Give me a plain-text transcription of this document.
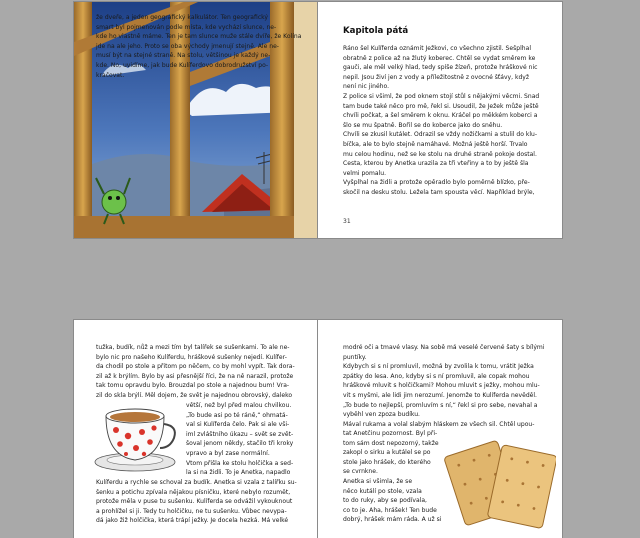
že dveře, a jeden geografický kalkulátor. Ten geografický

smart byl pojmenován podle místa, kde vychází slunce, ne-

kde ho vlastně máme. Ten je tam slunce muže stále dvíře, že Kolína

jde na ale jeho. Proto se oba východy jmenují stejně. Ale ne-

musí být na stejné straně. Na stolu, většinou je každý ne-

kde. No, uvidíme, jak bude Kulíferdovo dobrodružství po-

kračovat.

Kapitola pátá

Ráno šel Kulíferda oznámit Ježkovi, co všechno zjistil. Sešplhal

obratně z police až na žlutý koberec. Chtěl se vydat směrem ke

gauči, ale měl velký hlad, tedy spíše žízeň, protože hráškové nic

nepil. Jsou živí jen z vody a příležitostně z ovocné šťávy, když

není nic jiného.

Z police si všiml, že pod oknem stojí stůl s nějakými věcmi. Snad

tam bude také něco pro mě, řekl si. Usoudil, že Ježek může ještě

chvíli počkat, a šel směrem k oknu. Kráčel po měkkém koberci a

šlo se mu špatně. Bořil se do koberce jako do sněhu.

Chvíli se zkusil kutálet. Odrazil se vždy nožičkami a stulil do klu-

bíčka, ale to bylo stejně namáhavé. Možná ještě horší. Trvalo

mu celou hodinu, než se ke stolu na druhé straně pokoje dostal.

Cesta, kterou by Anetka urazila za tři vteřiny a to by ještě šla

velmi pomalu.

Vyšplhal na židli a protože opěradlo bylo poměrně blízko, pře-

skočil na desku stolu. Ležela tam spousta věcí. Například brýle,

31

tužka, budík, nůž a mezi tím byl talířek se sušenkami. To ale ne-

bylo nic pro našeho Kulíferdu, hráškové sušenky nejedí. Kulífer-

da chodil po stole a přitom po něčem, co by mohl vypít. Tak dora-

zil až k brýlím. Bylo by asi přesnější říci, že na ně narazil, protože

tak tomu opravdu bylo. Brouzdal po stole a najednou bum! Vra-

zil do skla brýlí. Měl dojem, že svět je najednou obrovský, daleko

větší, než byl před malou chvilkou.

„To bude asi po té ráně,“ ohmatá-

val si Kulíferda čelo. Pak si ale vši-

iml zvláštního úkazu – svět se zvět-

šoval jenom někdy, stačilo tři kroky

vpravo a byl zase normální.

Vtom přišla ke stolu holčička a sed-

la si na židli. To je Anetka, napadlo

Kulíferdu a rychle se schoval za budík. Anetka si vzala z talířku su-

šenku a potichu zpívala nějakou písničku, které nebylo rozumět,

protože měla v puse tu sušenku. Kulíferda se odvážil vykouknout

a prohlížel si ji. Tedy tu holčičku, ne tu sušenku. Vůbec nevypa-

dá jako žiž holčička, která trápí ježky. Je docela hezká. Má velké

modré oči a tmavé vlasy. Na sobě má veselé červené šaty s bílými

puntíky.

Kdybych si s ní promluvil, možná by zvolila k tomu, vrátit Ježka

zpátky do lesa. Ano, kdyby si s ní promluvil, ale copak mohou

hráškové mluvit s holčičkami? Mohou mluvit s ježky, mohou mlu-

vit s myšmi, ale lidi jim nerozumí. Jenomže to Kulíferda nevěděl.

„To bude to nejlepší, promluvím s ní,“ řekl si pro sebe, nevahal a

vyběhl ven zpoza budíku.

Mával rukama a volal slabým hláskem ze všech sil. Chtěl upou-

tat Anetčinu pozornost. Byl při-

tom sám dost nepozorný, takže

zakopl o sirku a kutálel se po

stole jako hrášek, do kterého

se cvrnkne.

Anetka si všimla, že se

něco kutálí po stole, vzala

to do ruky, aby se podívala,

co to je. Aha, hrášek! Ten bude

dobrý, hrášek mám ráda. A už si
